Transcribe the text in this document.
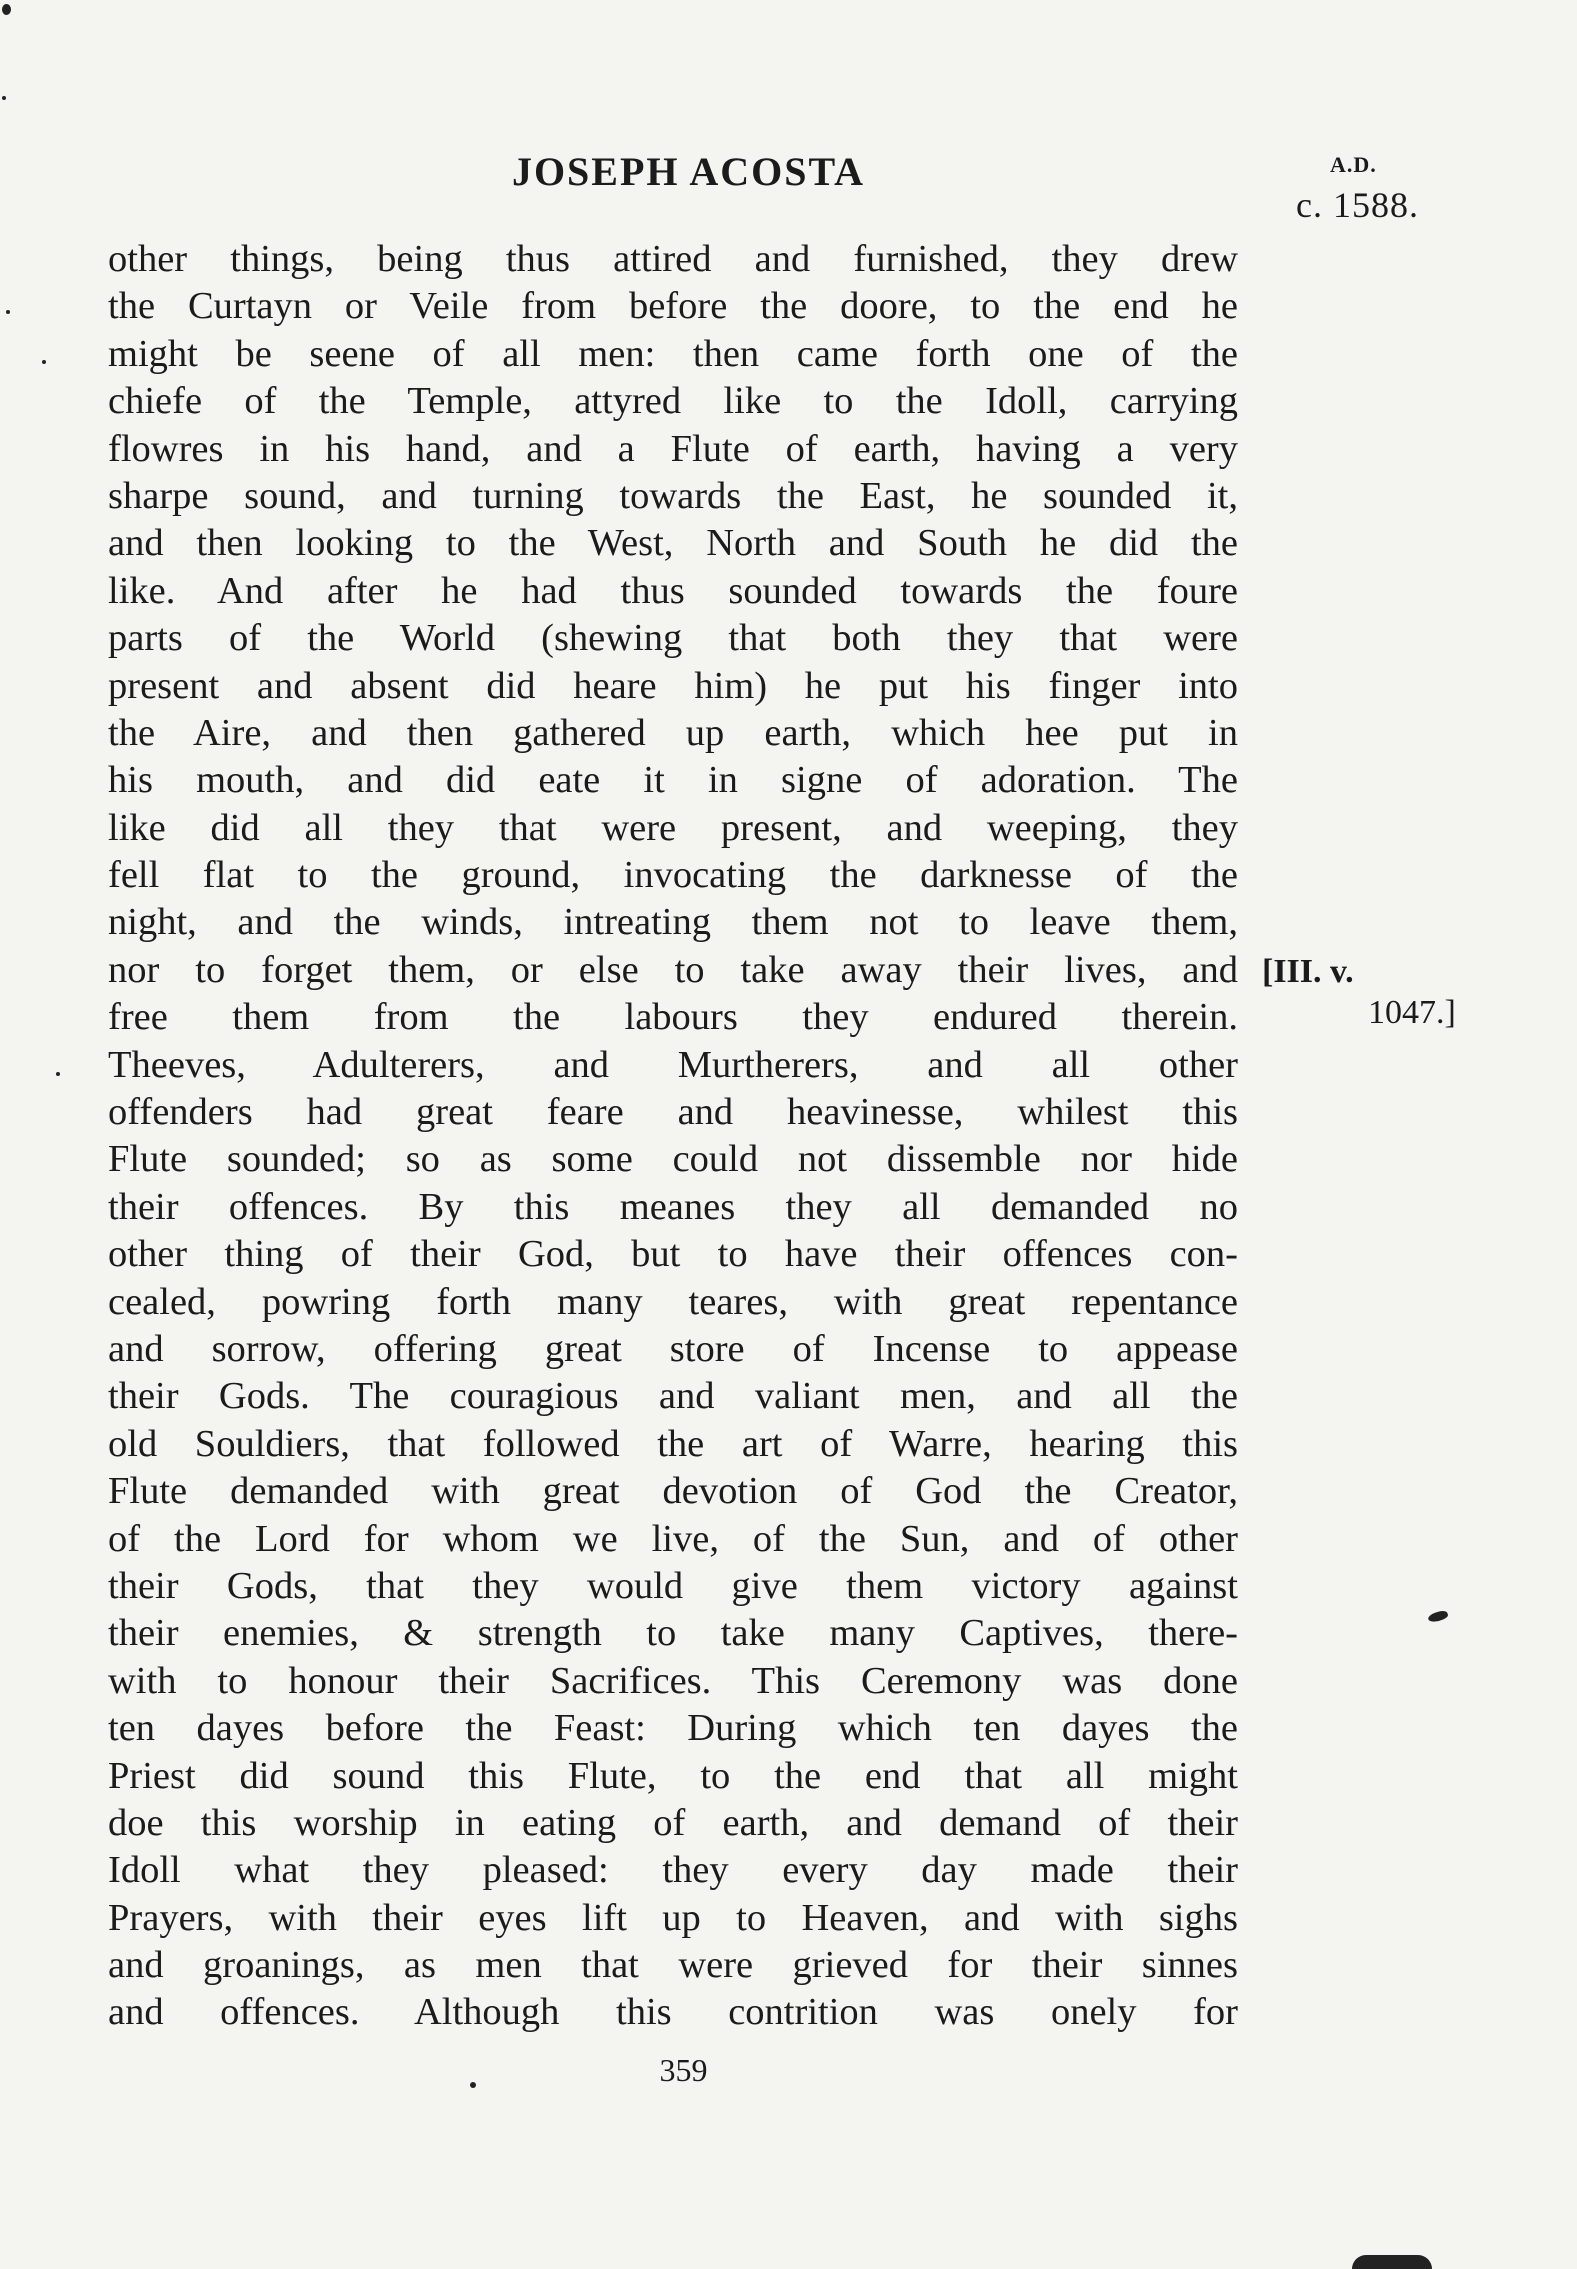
JOSEPH ACOSTA	A.D.
c. 1588.
other things, being thus attired and furnished, they drew
the Curtayn or Veile from before the doore, to the end he
might be seene of all men: then came forth one of the
chiefe of the Temple, attyred like to the Idoll, carrying
flowres in his hand, and a Flute of earth, having a very
sharpe sound, and turning towards the East, he sounded it,
and then looking to the West, North and South he did the
like. And after he had thus sounded towards the foure
parts of the World (shewing that both they that were
present and absent did heare him) he put his finger into
the Aire, and then gathered up earth, which hee put in
his mouth, and did eate it in signe of adoration. The
like did all they that were present, and weeping, they
fell flat to the ground, invocating the darknesse of the
night, and the winds, intreating them not to leave them,
nor to forget them, or else to take away their lives, and
free them from the labours they endured therein.
Theeves, Adulterers, and Murtherers, and all other
offenders had great feare and heavinesse, whilest this
Flute sounded; so as some could not dissemble nor hide
their offences. By this meanes they all demanded no
other thing of their God, but to have their offences con-
cealed, powring forth many teares, with great repentance
and sorrow, offering great store of Incense to appease
their Gods. The couragious and valiant men, and all the
old Souldiers, that followed the art of Warre, hearing this
Flute demanded with great devotion of God the Creator,
of the Lord for whom we live, of the Sun, and of other
their Gods, that they would give them victory against
their enemies, & strength to take many Captives, there-
with to honour their Sacrifices. This Ceremony was done
ten dayes before the Feast: During which ten dayes the
Priest did sound this Flute, to the end that all might
doe this worship in eating of earth, and demand of their
Idoll what they pleased: they every day made their
Prayers, with their eyes lift up to Heaven, and with sighs
and groanings, as men that were grieved for their sinnes
and offences. Although this contrition was onely for
[III. v.
1047.]
359
